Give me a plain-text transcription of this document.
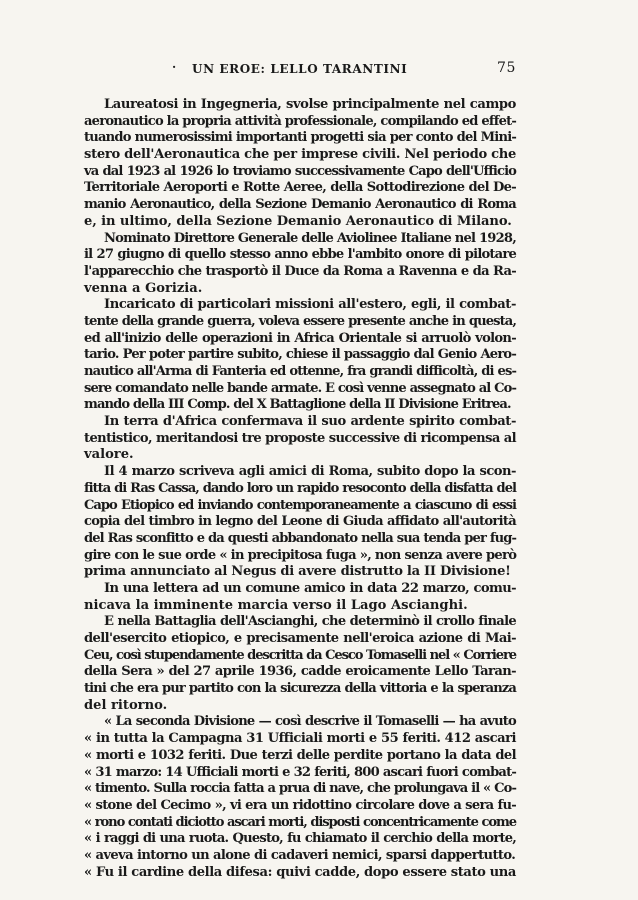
· UN EROE: LELLO TARANTINI	75
Laureatosi in Ingegneria, svolse principalmente nel campo
aeronautico la propria attività professionale, compilando ed effet-
tuando numerosissimi importanti progetti sia per conto del Mini-
stero dell'Aeronautica che per imprese civili. Nel periodo che
va dal 1923 al 1926 lo troviamo successivamente Capo dell'Ufficio
Territoriale Aeroporti e Rotte Aeree, della Sottodirezione del De-
manio Aeronautico, della Sezione Demanio Aeronautico di Roma
e, in ultimo, della Sezione Demanio Aeronautico di Milano.
Nominato Direttore Generale delle Aviolinee Italiane nel 1928,
il 27 giugno di quello stesso anno ebbe l'ambito onore di pilotare
l'apparecchio che trasportò il Duce da Roma a Ravenna e da Ra-
venna a Gorizia.
Incaricato di particolari missioni all'estero, egli, il combat-
tente della grande guerra, voleva essere presente anche in questa,
ed all'inizio delle operazioni in Africa Orientale si arruolò volon-
tario. Per poter partire subito, chiese il passaggio dal Genio Aero-
nautico all'Arma di Fanteria ed ottenne, fra grandi difficoltà, di es-
sere comandato nelle bande armate. E così venne assegnato al Co-
mando della III Comp. del X Battaglione della II Divisione Eritrea.
In terra d'Africa confermava il suo ardente spirito combat-
tentistico, meritandosi tre proposte successive di ricompensa al
valore.
Il 4 marzo scriveva agli amici di Roma, subito dopo la scon-
fitta di Ras Cassa, dando loro un rapido resoconto della disfatta del
Capo Etiopico ed inviando contemporaneamente a ciascuno di essi
copia del timbro in legno del Leone di Giuda affidato all'autorità
del Ras sconfitto e da questi abbandonato nella sua tenda per fug-
gire con le sue orde « in precipitosa fuga », non senza avere però
prima annunciato al Negus di avere distrutto la II Divisione!
In una lettera ad un comune amico in data 22 marzo, comu-
nicava la imminente marcia verso il Lago Ascianghi.
E nella Battaglia dell'Ascianghi, che determinò il crollo finale
dell'esercito etiopico, e precisamente nell'eroica azione di Mai-
Ceu, così stupendamente descritta da Cesco Tomaselli nel « Corriere
della Sera » del 27 aprile 1936, cadde eroicamente Lello Taran-
tini che era pur partito con la sicurezza della vittoria e la speranza
del ritorno.
« La seconda Divisione — così descrive il Tomaselli — ha avuto
« in tutta la Campagna 31 Ufficiali morti e 55 feriti. 412 ascari
« morti e 1032 feriti. Due terzi delle perdite portano la data del
« 31 marzo: 14 Ufficiali morti e 32 feriti, 800 ascari fuori combat-
« timento. Sulla roccia fatta a prua di nave, che prolungava il « Co-
« stone del Cecimo », vi era un ridottino circolare dove a sera fu-
« rono contati diciotto ascari morti, disposti concentricamente come
« i raggi di una ruota. Questo, fu chiamato il cerchio della morte,
« aveva intorno un alone di cadaveri nemici, sparsi dappertutto.
« Fu il cardine della difesa: quivi cadde, dopo essere stato una
